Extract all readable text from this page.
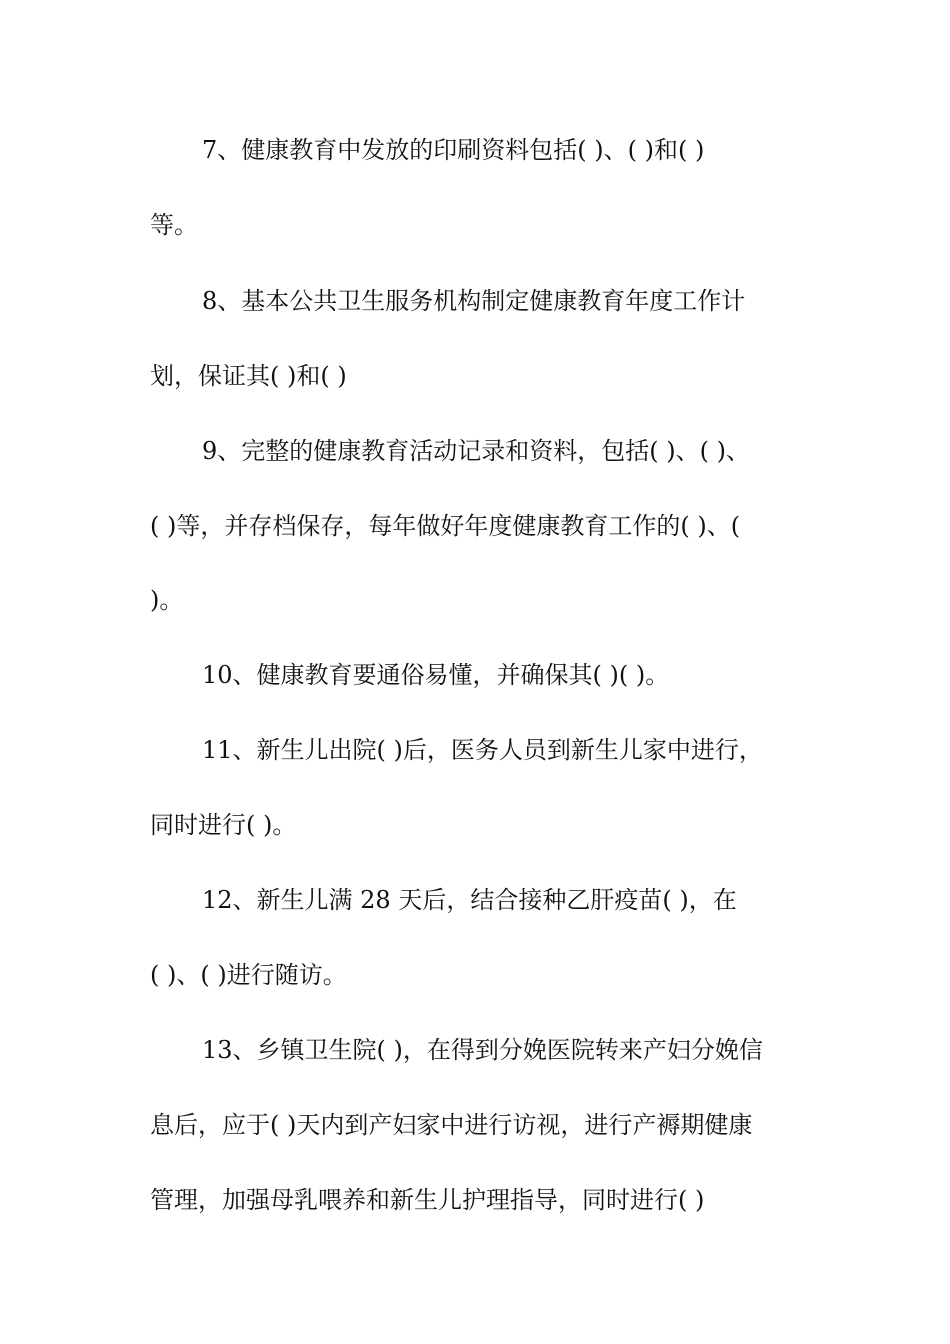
7、健康教育中发放的印刷资料包括( )、( )和( )
等。
8、基本公共卫生服务机构制定健康教育年度工作计
划，保证其( )和( )
9、完整的健康教育活动记录和资料，包括( )、( )、
( )等，并存档保存，每年做好年度健康教育工作的( )、(
)。
10、健康教育要通俗易懂，并确保其( )( )。
11、新生儿出院( )后，医务人员到新生儿家中进行，
同时进行( )。
12、新生儿满 28 天后，结合接种乙肝疫苗( )，在
( )、( )进行随访。
13、乡镇卫生院( )，在得到分娩医院转来产妇分娩信
息后，应于( )天内到产妇家中进行访视，进行产褥期健康
管理，加强母乳喂养和新生儿护理指导，同时进行( )
